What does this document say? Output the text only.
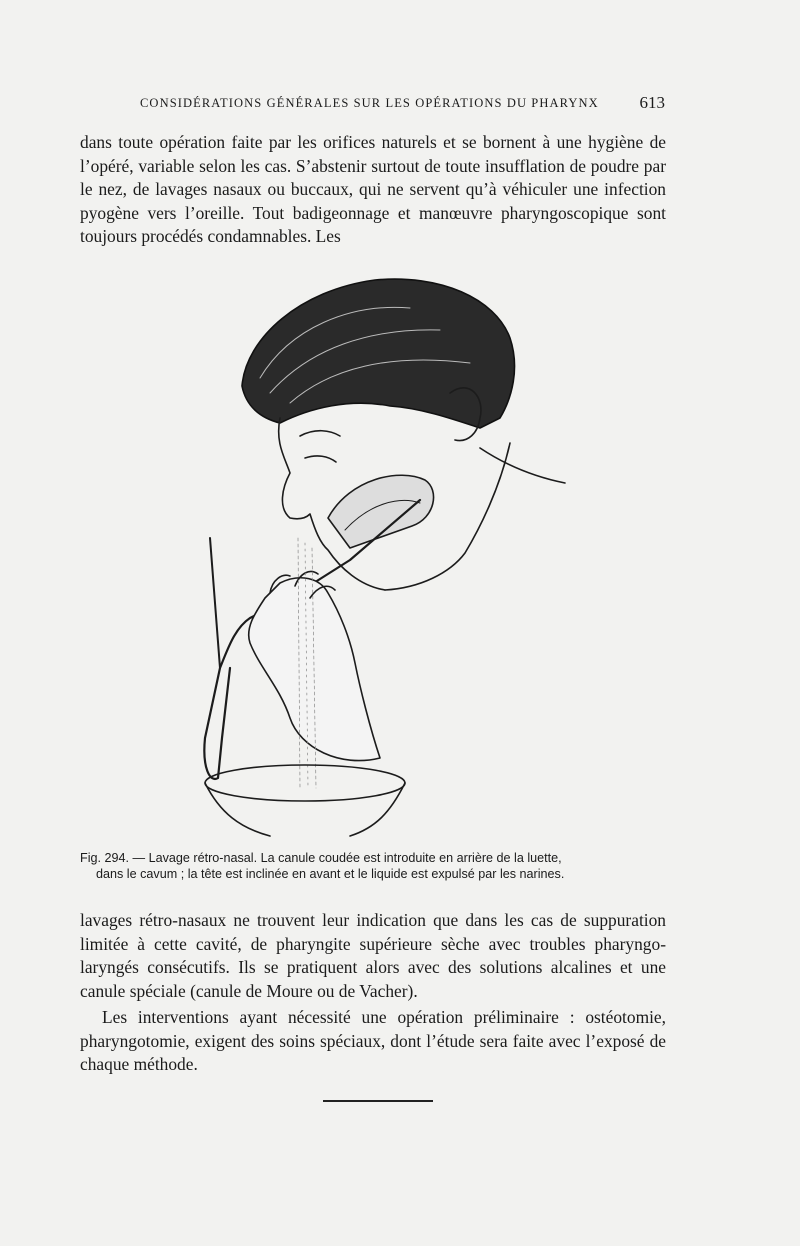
CONSIDÉRATIONS GÉNÉRALES SUR LES OPÉRATIONS DU PHARYNX 613

dans toute opération faite par les orifices naturels et se bornent à une hygiène de l’opéré, variable selon les cas. S’abstenir surtout de toute insufflation de poudre par le nez, de lavages nasaux ou buccaux, qui ne servent qu’à véhiculer une infection pyogène vers l’oreille. Tout badigeonnage et manœuvre pharyngoscopique sont toujours procédés condamnables. Les

Fig. 294. — Lavage rétro-nasal. La canule coudée est introduite en arrière de la luette,
dans le cavum ; la tête est inclinée en avant et le liquide est expulsé par les narines.

lavages rétro-nasaux ne trouvent leur indication que dans les cas de suppuration limitée à cette cavité, de pharyngite supérieure sèche avec troubles pharyngo-laryngés consécutifs. Ils se pratiquent alors avec des solutions alcalines et une canule spéciale (canule de Moure ou de Vacher).

Les interventions ayant nécessité une opération préliminaire : ostéotomie, pharyngotomie, exigent des soins spéciaux, dont l’étude sera faite avec l’exposé de chaque méthode.
